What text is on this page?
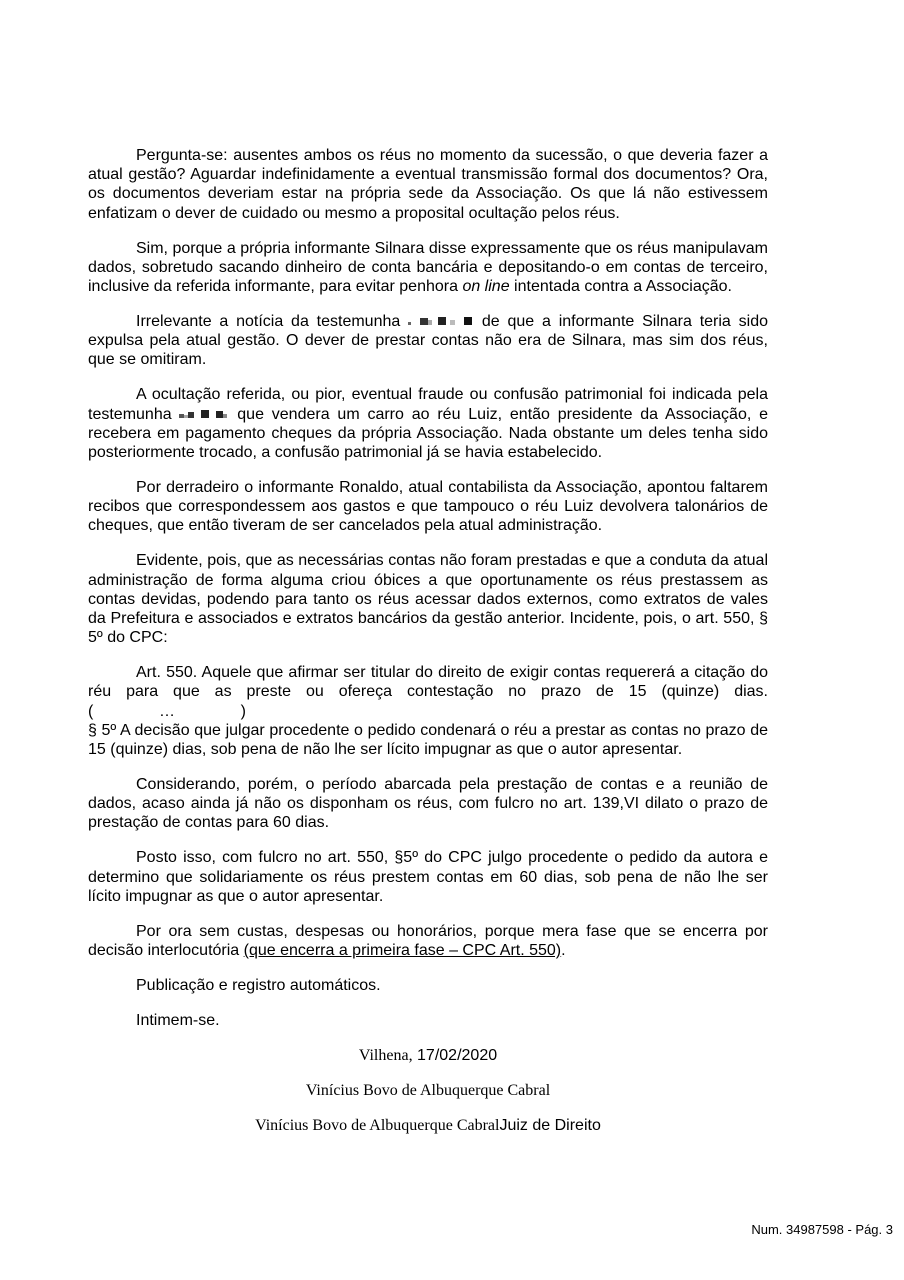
Pergunta-se: ausentes ambos os réus no momento da sucessão, o que deveria fazer a atual gestão? Aguardar indefinidamente a eventual transmissão formal dos documentos? Ora, os documentos deveriam estar na própria sede da Associação. Os que lá não estivessem enfatizam o dever de cuidado ou mesmo a proposital ocultação pelos réus.

Sim, porque a própria informante Silnara disse expressamente que os réus manipulavam dados, sobretudo sacando dinheiro de conta bancária e depositando-o em contas de terceiro, inclusive da referida informante, para evitar penhora on line intentada contra a Associação.

Irrelevante a notícia da testemunha	de que a informante Silnara teria sido expulsa pela atual gestão. O dever de prestar contas não era de Silnara, mas sim dos réus, que se omitiram.

A ocultação referida, ou pior, eventual fraude ou confusão patrimonial foi indicada pela testemunha	que vendera um carro ao réu Luiz, então presidente da Associação, e recebera em pagamento cheques da própria Associação. Nada obstante um deles tenha sido posteriormente trocado, a confusão patrimonial já se havia estabelecido.

Por derradeiro o informante Ronaldo, atual contabilista da Associação, apontou faltarem recibos que correspondessem aos gastos e que tampouco o réu Luiz devolvera talonários de cheques, que então tiveram de ser cancelados pela atual administração.

Evidente, pois, que as necessárias contas não foram prestadas e que a conduta da atual administração de forma alguma criou óbices a que oportunamente os réus prestassem as contas devidas, podendo para tanto os réus acessar dados externos, como extratos de vales da Prefeitura e associados e extratos bancários da gestão anterior. Incidente, pois, o art. 550, § 5º do CPC:

Art. 550. Aquele que afirmar ser titular do direito de exigir contas requererá a citação do réu para que as preste ou ofereça contestação no prazo de 15 (quinze) dias.

(	…	)

§ 5º A decisão que julgar procedente o pedido condenará o réu a prestar as contas no prazo de 15 (quinze) dias, sob pena de não lhe ser lícito impugnar as que o autor apresentar.

Considerando, porém, o período abarcada pela prestação de contas e a reunião de dados, acaso ainda já não os disponham os réus, com fulcro no art. 139,VI dilato o prazo de prestação de contas para 60 dias.

Posto isso, com fulcro no art. 550, §5º do CPC julgo procedente o pedido da autora e determino que solidariamente os réus prestem contas em 60 dias, sob pena de não lhe ser lícito impugnar as que o autor apresentar.

Por ora sem custas, despesas ou honorários, porque mera fase que se encerra por decisão interlocutória (que encerra a primeira fase – CPC Art. 550).

Publicação e registro automáticos.

Intimem-se.

Vilhena, 17/02/2020
Vinícius Bovo de Albuquerque Cabral
Vinícius Bovo de Albuquerque CabralJuiz de Direito
Num. 34987598 - Pág. 3
